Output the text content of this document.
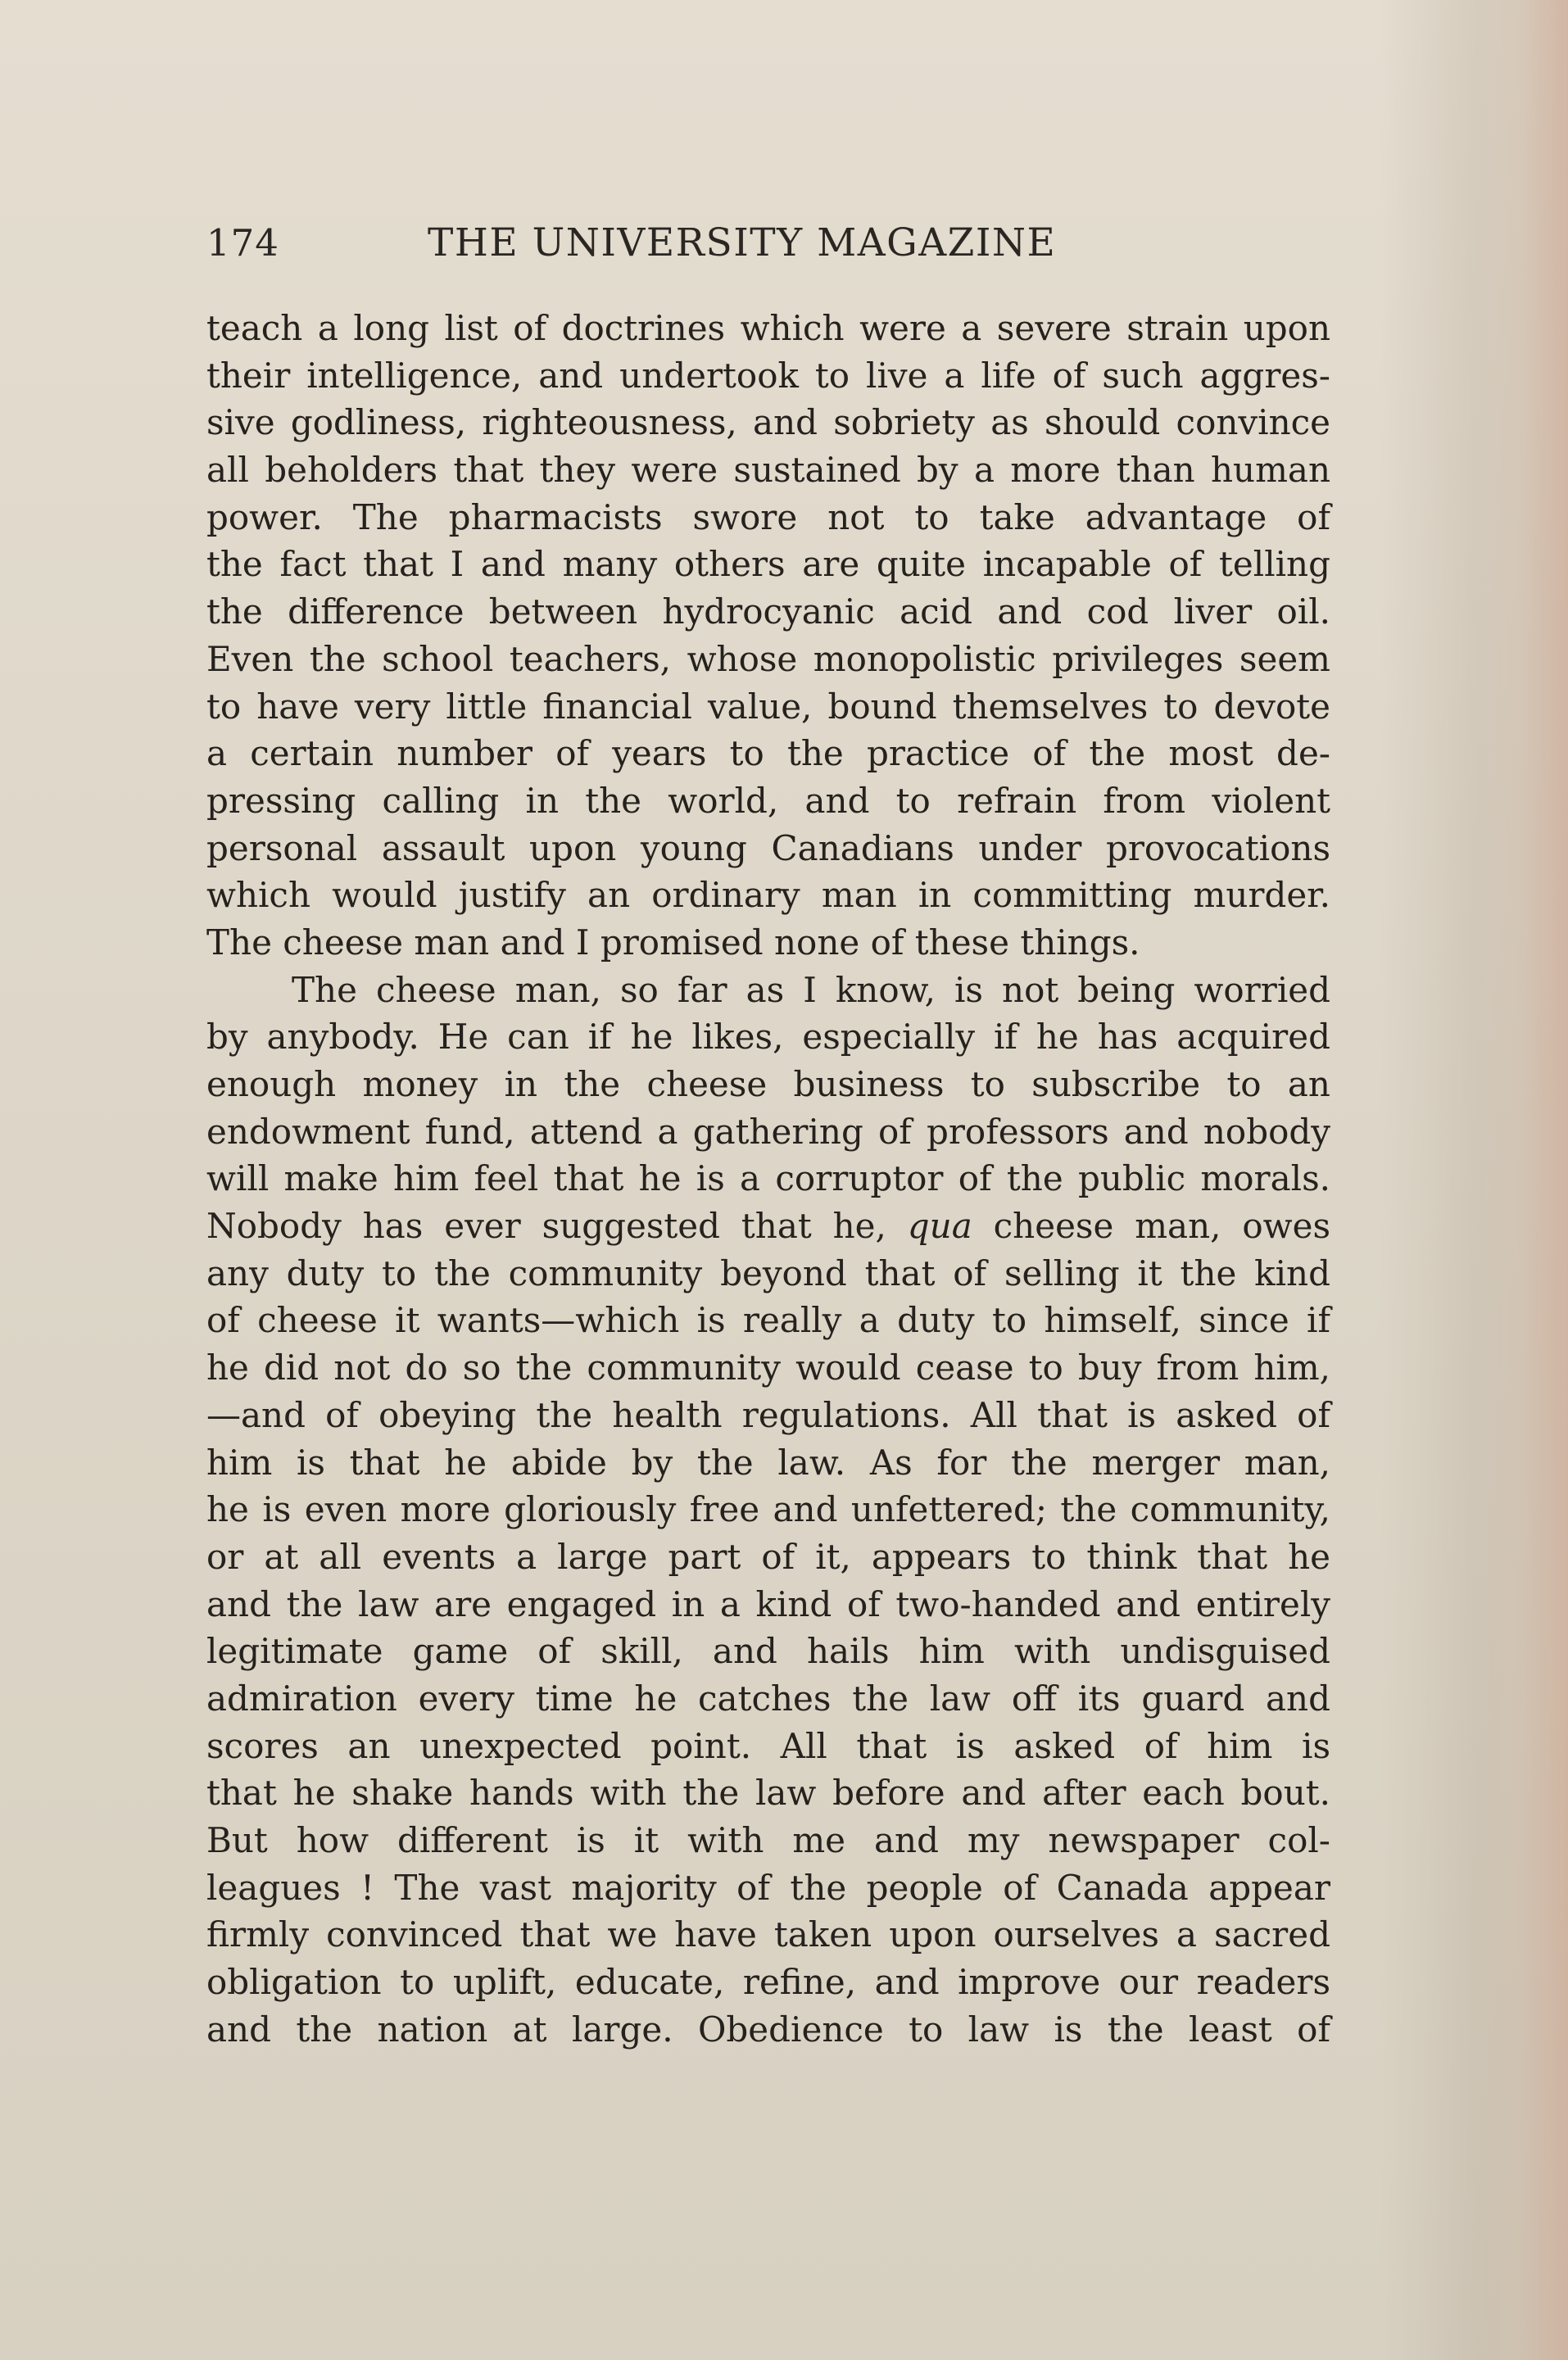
174	THE UNIVERSITY MAGAZINE
teach a long list of doctrines which were a severe strain upon
their intelligence, and undertook to live a life of such aggres-
sive godliness, righteousness, and sobriety as should convince
all beholders that they were sustained by a more than human
power. The pharmacists swore not to take advantage of
the fact that I and many others are quite incapable of telling
the difference between hydrocyanic acid and cod liver oil.
Even the school teachers, whose monopolistic privileges seem
to have very little financial value, bound themselves to devote
a certain number of years to the practice of the most de-
pressing calling in the world, and to refrain from violent
personal assault upon young Canadians under provocations
which would justify an ordinary man in committing murder.
The cheese man and I promised none of these things.
The cheese man, so far as I know, is not being worried
by anybody. He can if he likes, especially if he has acquired
enough money in the cheese business to subscribe to an
endowment fund, attend a gathering of professors and nobody
will make him feel that he is a corruptor of the public morals.
Nobody has ever suggested that he, qua cheese man, owes
any duty to the community beyond that of selling it the kind
of cheese it wants—which is really a duty to himself, since if
he did not do so the community would cease to buy from him,
—and of obeying the health regulations. All that is asked of
him is that he abide by the law. As for the merger man,
he is even more gloriously free and unfettered; the community,
or at all events a large part of it, appears to think that he
and the law are engaged in a kind of two-handed and entirely
legitimate game of skill, and hails him with undisguised
admiration every time he catches the law off its guard and
scores an unexpected point. All that is asked of him is
that he shake hands with the law before and after each bout.
But how different is it with me and my newspaper col-
leagues ! The vast majority of the people of Canada appear
firmly convinced that we have taken upon ourselves a sacred
obligation to uplift, educate, refine, and improve our readers
and the nation at large. Obedience to law is the least of
